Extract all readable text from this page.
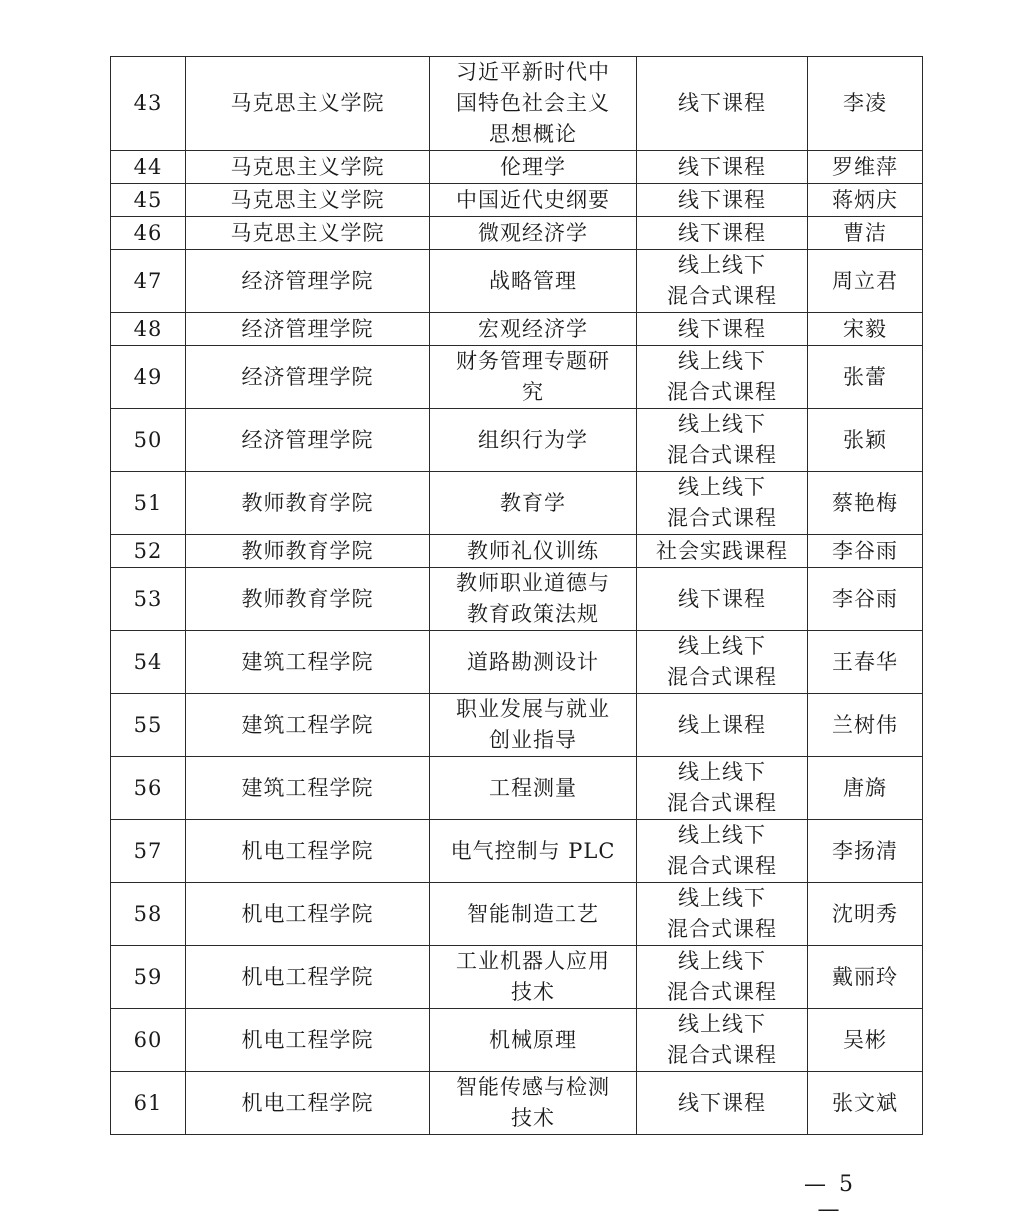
43	马克思主义学院	习近平新时代中
国特色社会主义
思想概论	线下课程	李凌
44	马克思主义学院	伦理学	线下课程	罗维萍
45	马克思主义学院	中国近代史纲要	线下课程	蒋炳庆
46	马克思主义学院	微观经济学	线下课程	曹洁
47	经济管理学院	战略管理	线上线下
混合式课程	周立君
48	经济管理学院	宏观经济学	线下课程	宋毅
49	经济管理学院	财务管理专题研
究	线上线下
混合式课程	张蕾
50	经济管理学院	组织行为学	线上线下
混合式课程	张颖
51	教师教育学院	教育学	线上线下
混合式课程	蔡艳梅
52	教师教育学院	教师礼仪训练	社会实践课程	李谷雨
53	教师教育学院	教师职业道德与
教育政策法规	线下课程	李谷雨
54	建筑工程学院	道路勘测设计	线上线下
混合式课程	王春华
55	建筑工程学院	职业发展与就业
创业指导	线上课程	兰树伟
56	建筑工程学院	工程测量	线上线下
混合式课程	唐旖
57	机电工程学院	电气控制与 PLC	线上线下
混合式课程	李扬清
58	机电工程学院	智能制造工艺	线上线下
混合式课程	沈明秀
59	机电工程学院	工业机器人应用
技术	线上线下
混合式课程	戴丽玲
60	机电工程学院	机械原理	线上线下
混合式课程	吴彬
61	机电工程学院	智能传感与检测
技术	线下课程	张文斌
— 5 —
